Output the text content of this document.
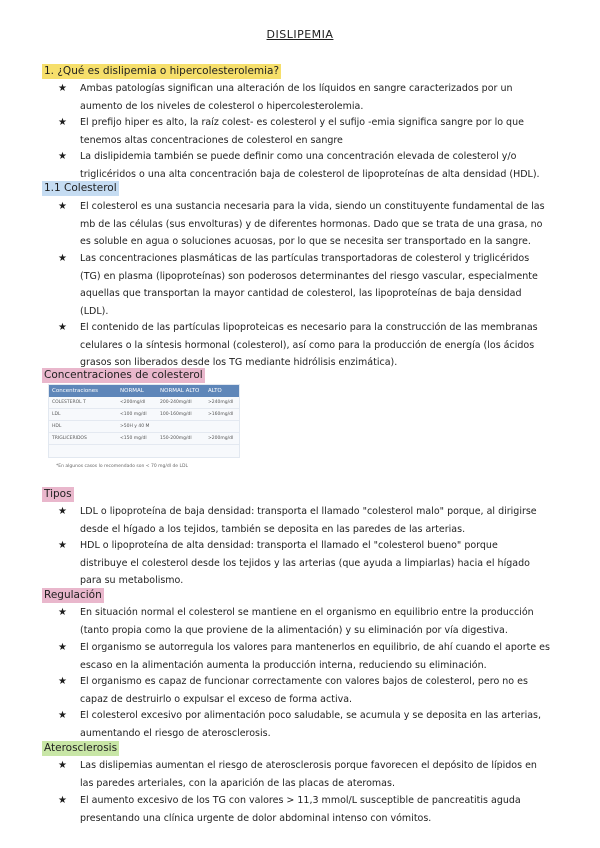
DISLIPEMIA
1. ¿Qué es dislipemia o hipercolesterolemia?
★ Ambas patologías significan una alteración de los líquidos en sangre caracterizados por un
aumento de los niveles de colesterol o hipercolesterolemia.
★ El prefijo hiper es alto, la raíz colest- es colesterol y el sufijo -emia significa sangre por lo que
tenemos altas concentraciones de colesterol en sangre
★ La dislipidemia también se puede definir como una concentración elevada de colesterol y/o
triglicéridos o una alta concentración baja de colesterol de lipoproteínas de alta densidad (HDL).
1.1 Colesterol
★ El colesterol es una sustancia necesaria para la vida, siendo un constituyente fundamental de las
mb de las células (sus envolturas) y de diferentes hormonas. Dado que se trata de una grasa, no
es soluble en agua o soluciones acuosas, por lo que se necesita ser transportado en la sangre.
★ Las concentraciones plasmáticas de las partículas transportadoras de colesterol y triglicéridos
(TG) en plasma (lipoproteínas) son poderosos determinantes del riesgo vascular, especialmente
aquellas que transportan la mayor cantidad de colesterol, las lipoproteínas de baja densidad
(LDL).
★ El contenido de las partículas lipoproteicas es necesario para la construcción de las membranas
celulares o la síntesis hormonal (colesterol), así como para la producción de energía (los ácidos
grasos son liberados desde los TG mediante hidrólisis enzimática).
Concentraciones de colesterol
Concentraciones	NORMAL	NORMAL ALTO	ALTO
COLESTEROL T	<200mg/dl	200-240mg/dl	>240mg/dl
LDL	<100 mg/dl	100-160mg/dl	>160mg/dl
HDL	>50H y 40 M
TRIGLICERIDOS	<150 mg/dl	150-200mg/dl	>200mg/dl
*En algunos casos lo recomendado son < 70 mg/dl de LDL
Tipos
★ LDL o lipoproteína de baja densidad: transporta el llamado "colesterol malo" porque, al dirigirse
desde el hígado a los tejidos, también se deposita en las paredes de las arterias.
★ HDL o lipoproteína de alta densidad: transporta el llamado el "colesterol bueno" porque
distribuye el colesterol desde los tejidos y las arterias (que ayuda a limpiarlas) hacia el hígado
para su metabolismo.
Regulación
★ En situación normal el colesterol se mantiene en el organismo en equilibrio entre la producción
(tanto propia como la que proviene de la alimentación) y su eliminación por vía digestiva.
★ El organismo se autorregula los valores para mantenerlos en equilibrio, de ahí cuando el aporte es
escaso en la alimentación aumenta la producción interna, reduciendo su eliminación.
★ El organismo es capaz de funcionar correctamente con valores bajos de colesterol, pero no es
capaz de destruirlo o expulsar el exceso de forma activa.
★ El colesterol excesivo por alimentación poco saludable, se acumula y se deposita en las arterias,
aumentando el riesgo de aterosclerosis.
Aterosclerosis
★ Las dislipemias aumentan el riesgo de aterosclerosis porque favorecen el depósito de lípidos en
las paredes arteriales, con la aparición de las placas de ateromas.
★ El aumento excesivo de los TG con valores > 11,3 mmol/L susceptible de pancreatitis aguda
presentando una clínica urgente de dolor abdominal intenso con vómitos.
